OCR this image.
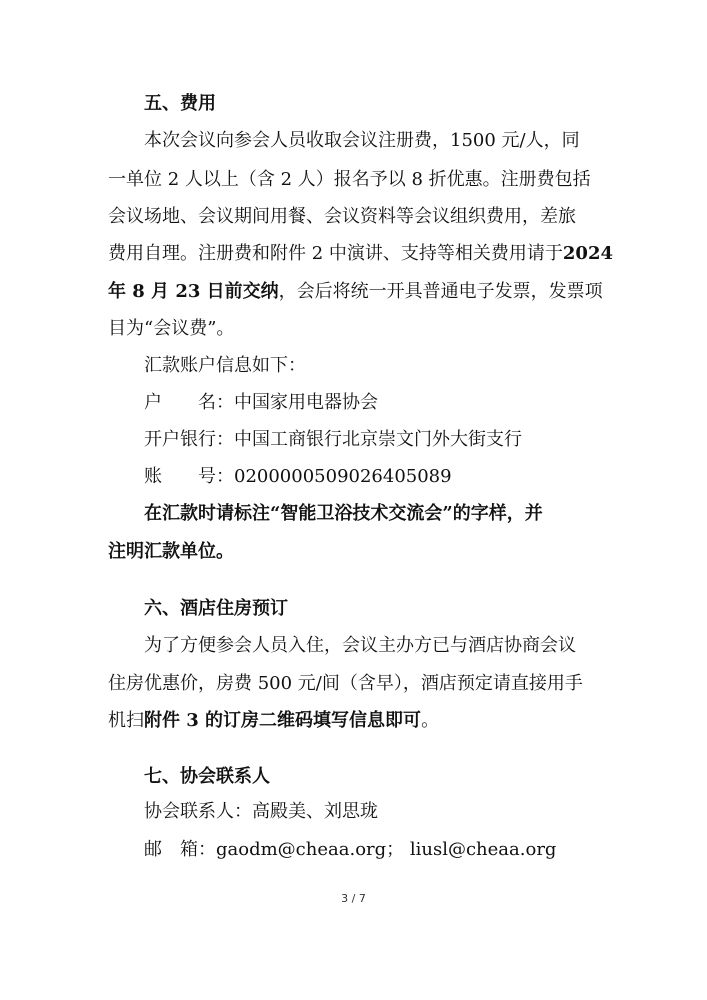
五、费用
本次会议向参会人员收取会议注册费，1500 元/人，同
一单位 2 人以上（含 2 人）报名予以 8 折优惠。注册费包括
会议场地、会议期间用餐、会议资料等会议组织费用，差旅
费用自理。注册费和附件 2 中演讲、支持等相关费用请于2024
年 8 月 23 日前交纳，会后将统一开具普通电子发票，发票项
目为“会议费”。
汇款账户信息如下：
户　　名：中国家用电器协会
开户银行：中国工商银行北京崇文门外大街支行
账　　号：0200000509026405089
在汇款时请标注“智能卫浴技术交流会”的字样，并
注明汇款单位。
六、酒店住房预订
为了方便参会人员入住，会议主办方已与酒店协商会议
住房优惠价，房费 500 元/间（含早），酒店预定请直接用手
机扫附件 3 的订房二维码填写信息即可。
七、协会联系人
协会联系人：高殿美、刘思珑
邮　箱：gaodm@cheaa.org； liusl@cheaa.org
3 / 7
